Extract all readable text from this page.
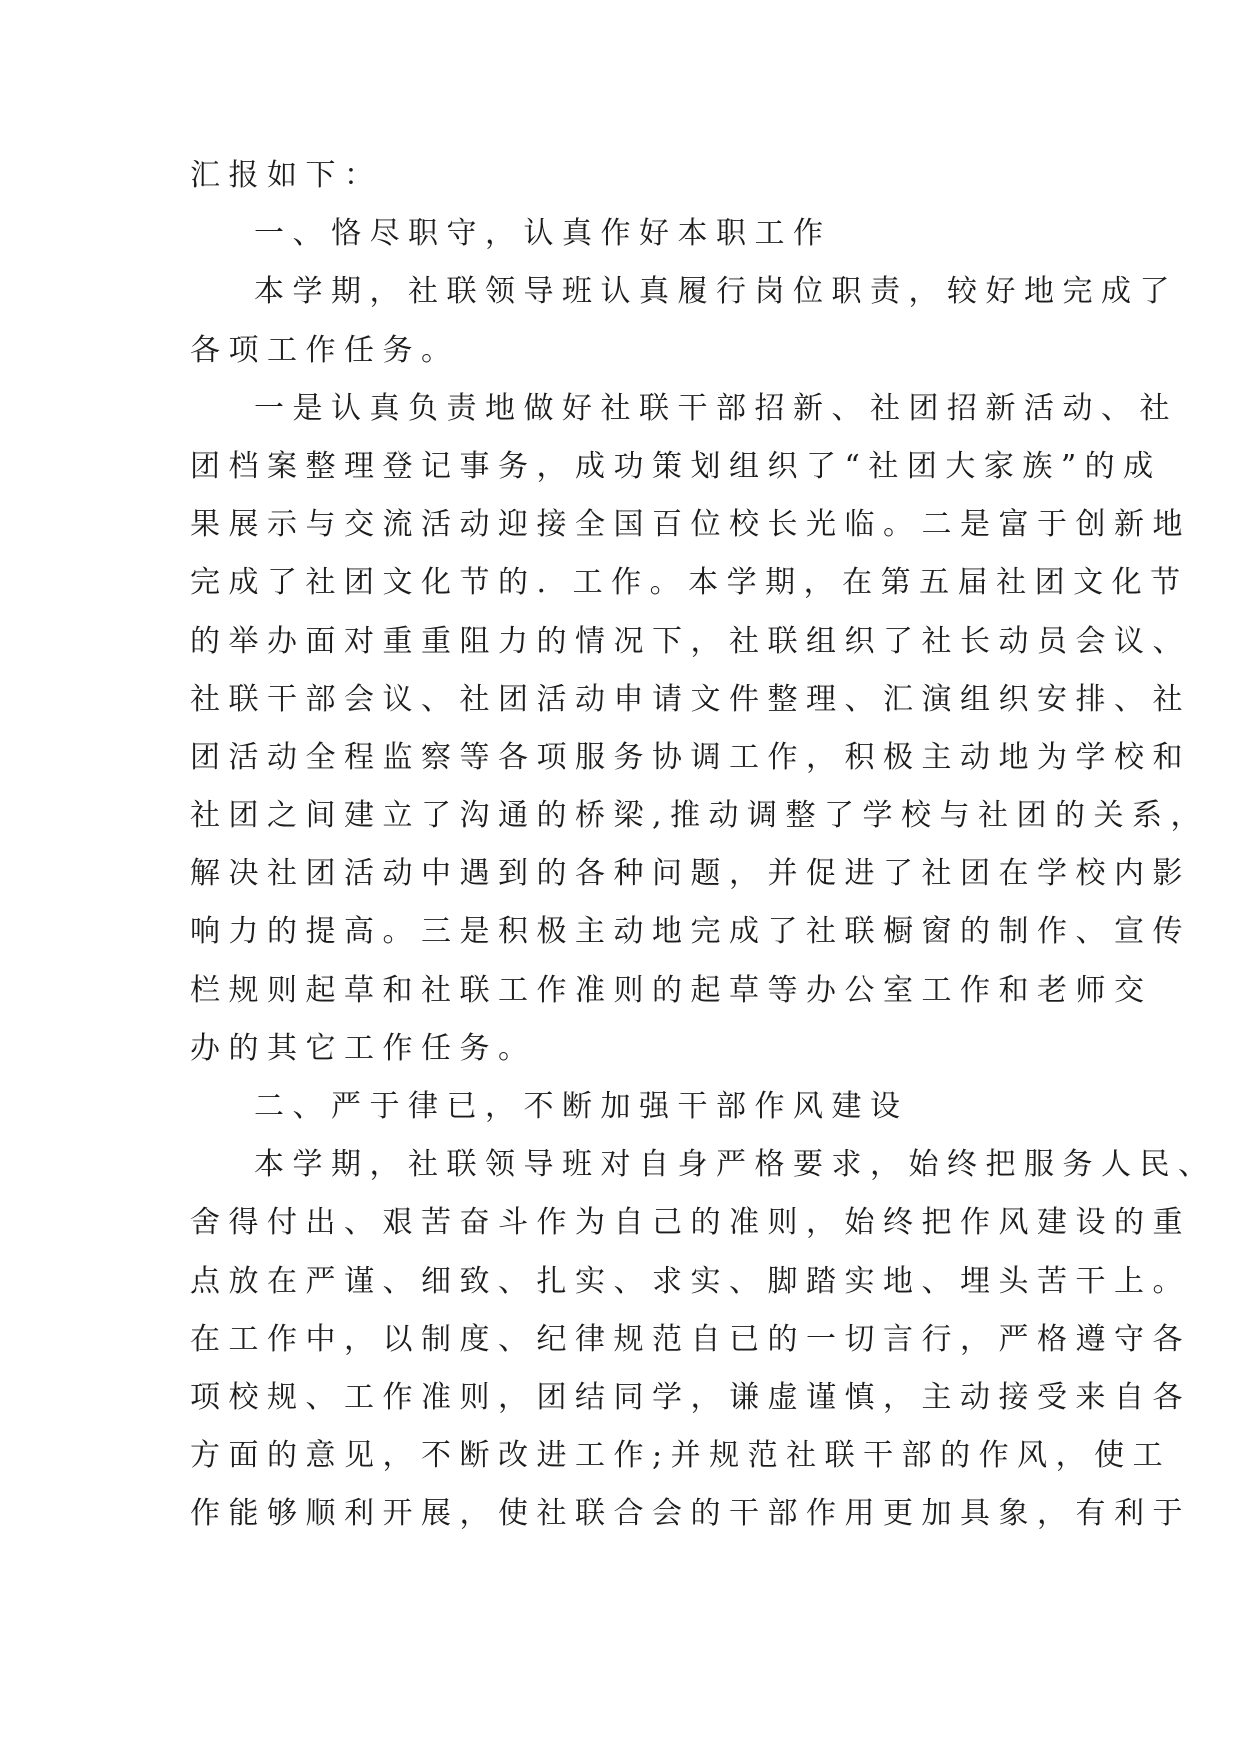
汇报如下：
一、恪尽职守，认真作好本职工作
本学期，社联领导班认真履行岗位职责，较好地完成了
各项工作任务。
一是认真负责地做好社联干部招新、社团招新活动、社
团档案整理登记事务，成功策划组织了“社团大家族”的成
果展示与交流活动迎接全国百位校长光临。二是富于创新地
完成了社团文化节的. 工作。本学期，在第五届社团文化节
的举办面对重重阻力的情况下，社联组织了社长动员会议、
社联干部会议、社团活动申请文件整理、汇演组织安排、社
团活动全程监察等各项服务协调工作，积极主动地为学校和
社团之间建立了沟通的桥梁,推动调整了学校与社团的关系，
解决社团活动中遇到的各种问题，并促进了社团在学校内影
响力的提高。三是积极主动地完成了社联橱窗的制作、宣传
栏规则起草和社联工作准则的起草等办公室工作和老师交
办的其它工作任务。
二、严于律已，不断加强干部作风建设
本学期，社联领导班对自身严格要求，始终把服务人民、
舍得付出、艰苦奋斗作为自己的准则，始终把作风建设的重
点放在严谨、细致、扎实、求实、脚踏实地、埋头苦干上。
在工作中，以制度、纪律规范自已的一切言行，严格遵守各
项校规、工作准则，团结同学，谦虚谨慎，主动接受来自各
方面的意见，不断改进工作;并规范社联干部的作风，使工
作能够顺利开展，使社联合会的干部作用更加具象，有利于
